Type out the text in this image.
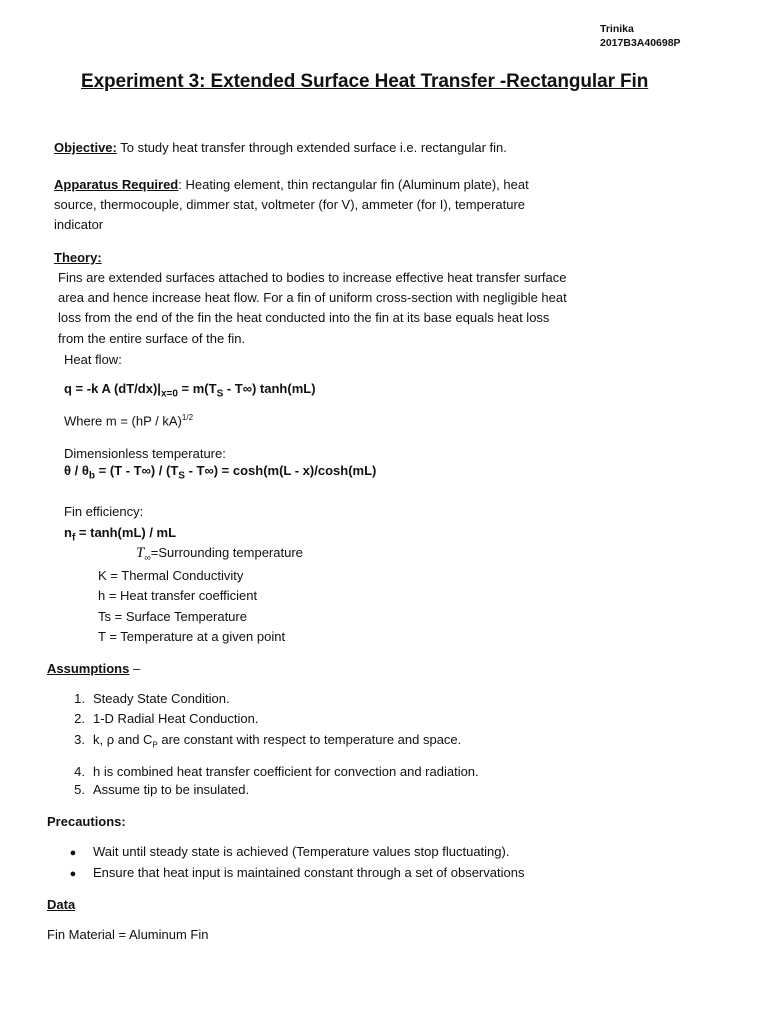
Trinika
2017B3A40698P
Experiment 3: Extended Surface Heat Transfer -Rectangular Fin
Objective: To study heat transfer through extended surface i.e. rectangular fin.
Apparatus Required: Heating element, thin rectangular fin (Aluminum plate), heat
source, thermocouple, dimmer stat, voltmeter (for V), ammeter (for I), temperature
indicator
Theory:
Fins are extended surfaces attached to bodies to increase effective heat transfer surface
area and hence increase heat flow. For a fin of uniform cross-section with negligible heat
loss from the end of the fin the heat conducted into the fin at its base equals heat loss
from the entire surface of the fin.
Heat flow:
q = -k A $(dT/dx)|_{x=0} = m(T_S - T\infty)$ tanh(mL)
Where m = (hP / kA)$^{1/2}$
Dimensionless temperature:
$\theta / \theta_b = (T - T\infty) / (T_S - T\infty) = \cosh(m(L - x)/\cosh(mL)$
Fin efficiency:
$n_f = \tanh(mL)$ / mL
$T_\infty=Surrounding$ temperature
K = Thermal Conductivity
h = Heat transfer coefficient
Ts = Surface Temperature
T = Temperature at a given point
Assumptions –
1. Steady State Condition.
2. 1-D Radial Heat Conduction.
3. k, ρ and $C_P$ are constant with respect to temperature and space.
4. h is combined heat transfer coefficient for convection and radiation.
5. Assume tip to be insulated.
Precautions:
● Wait until steady state is achieved (Temperature values stop fluctuating).
● Ensure that heat input is maintained constant through a set of observations
Data
Fin Material = Aluminum Fin
